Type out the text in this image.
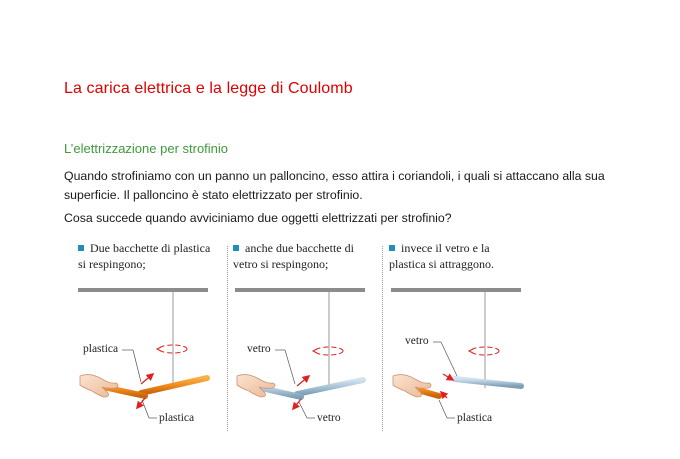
La carica elettrica e la legge di Coulomb
L’elettrizzazione per strofinio

Quando strofiniamo con un panno un palloncino, esso attira i coriandoli, i quali si attaccano alla sua superficie. Il palloncino è stato elettrizzato per strofinio.

Cosa succede quando avviciniamo due oggetti elettrizzati per strofinio?

Due bacchette di plastica si respingono;

anche due bacchette di vetro si respingono;

invece il vetro e la plastica si attraggono.

plastica
plastica
vetro
vetro
vetro
plastica
